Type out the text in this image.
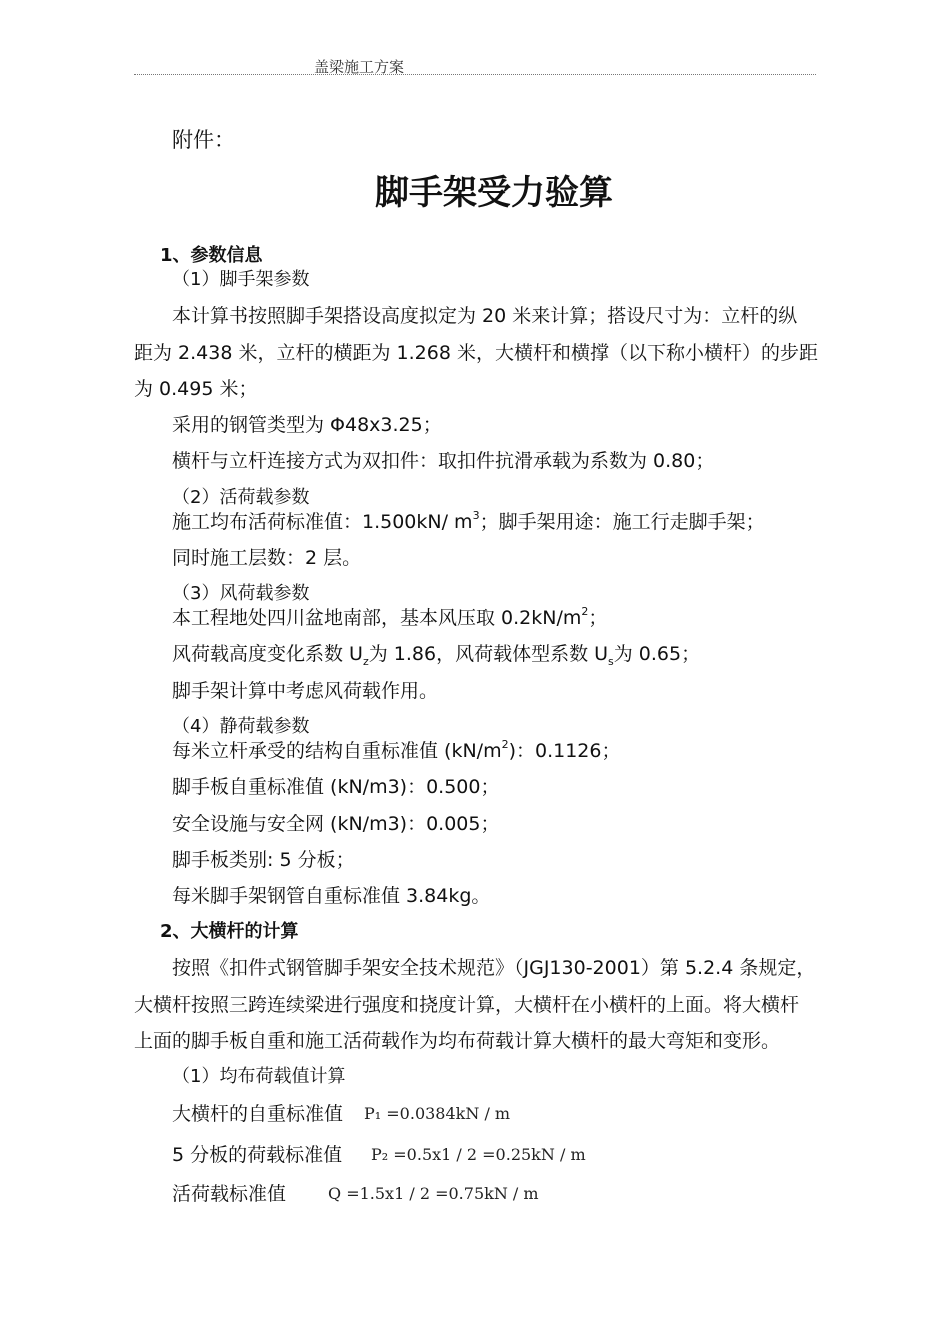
盖梁施工方案
附件：
脚手架受力验算
1、参数信息
（1）脚手架参数
本计算书按照脚手架搭设高度拟定为 20 米来计算；搭设尺寸为：立杆的纵
距为 2.438 米，立杆的横距为 1.268 米，大横杆和横撑（以下称小横杆）的步距
为 0.495 米；
采用的钢管类型为 Φ48x3.25；
横杆与立杆连接方式为双扣件：取扣件抗滑承载为系数为 0.80；
（2）活荷载参数
施工均布活荷标准值：1.500kN/ $m^3$；脚手架用途：施工行走脚手架；
同时施工层数：2 层。
（3）风荷载参数
本工程地处四川盆地南部，基本风压取 $0.2kN/m^2$；
风荷载高度变化系数 $U_z$为 1.86，风荷载体型系数 $U_s$为 0.65；
脚手架计算中考虑风荷载作用。
（4）静荷载参数
每米立杆承受的结构自重标准值 $(kN/m^2)$：0.1126；
脚手板自重标准值 (kN/m3)：0.500；
安全设施与安全网 (kN/m3)：0.005；
脚手板类别: 5 分板；
每米脚手架钢管自重标准值 3.84kg。
2、大横杆的计算
按照《扣件式钢管脚手架安全技术规范》（JGJ130-2001）第 5.2.4 条规定，
大横杆按照三跨连续梁进行强度和挠度计算，大横杆在小横杆的上面。将大横杆
上面的脚手板自重和施工活荷载作为均布荷载计算大横杆的最大弯矩和变形。
（1）均布荷载值计算
大横杆的自重标准值 P₁ =0.0384kN / m
5 分板的荷载标准值 P₂ =0.5x1 / 2 =0.25kN / m
活荷载标准值	Q =1.5x1 / 2 =0.75kN / m
